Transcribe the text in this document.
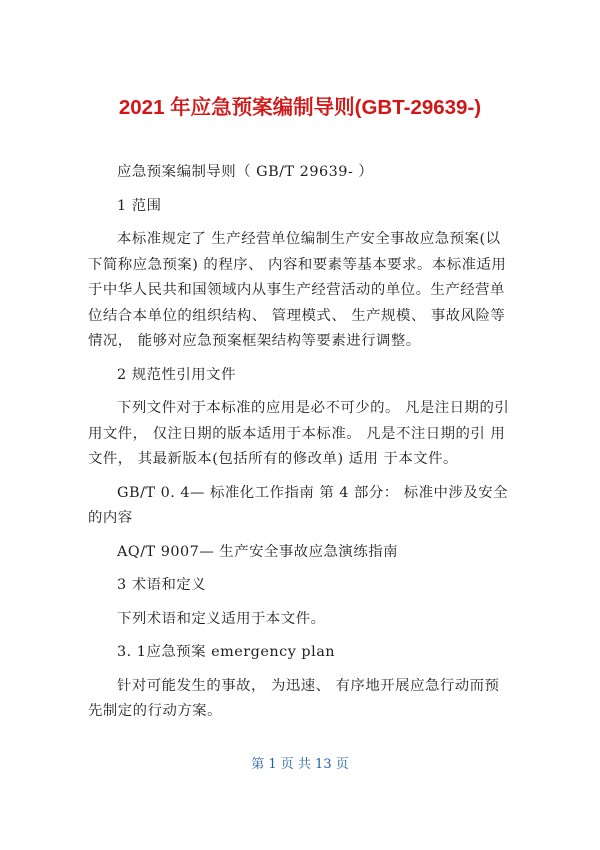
2021 年应急预案编制导则(GBT-29639-)

应急预案编制导则（ GB/T 29639- ）

1 范围

本标准规定了 生产经营单位编制生产安全事故应急预案(以下简称应急预案) 的程序、 内容和要素等基本要求。本标准适用于中华人民共和国领域内从事生产经营活动的单位。生产经营单位结合本单位的组织结构、 管理模式、 生产规模、 事故风险等情况， 能够对应急预案框架结构等要素进行调整。

2 规范性引用文件

下列文件对于本标准的应用是必不可少的。 凡是注日期的引用文件， 仅注日期的版本适用于本标准。 凡是不注日期的引 用文件， 其最新版本(包括所有的修改单) 适用 于本文件。

GB/T 0. 4— 标准化工作指南 第 4 部分： 标准中涉及安全的内容

AQ/T 9007— 生产安全事故应急演练指南

3 术语和定义

下列术语和定义适用于本文件。

3. 1应急预案 emergency plan

针对可能发生的事故， 为迅速、 有序地开展应急行动而预先制定的行动方案。

第 1 页 共 13 页
